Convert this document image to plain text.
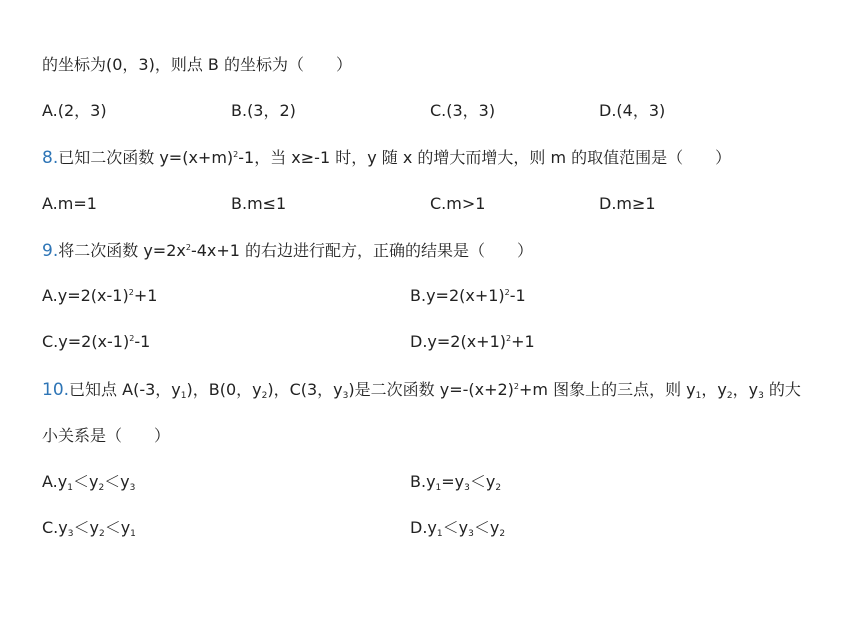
的坐标为(0，3)，则点 B 的坐标为（　　）
A.(2，3)	B.(3，2)	C.(3，3)	D.(4，3)
8.已知二次函数 $y=(x+m)^2-1$，当 x≥-1 时，y 随 x 的增大而增大，则 m 的取值范围是（　　）
A.m=1	B.m≤1	C.m>1	D.m≥1
9.将二次函数 $y=2x^2-4x+1$ 的右边进行配方，正确的结果是（　　）
$A.y=2(x-1)^2+1$	$B.y=2(x+1)^2-1$
$C.y=2(x-1)^2-1$	$D.y=2(x+1)^2+1$
10.已知点 A(-3，$y_1$)，B(0，$y_2$)，C(3，$y_3$)是二次函数 $y=-(x+2)^2+m$ 图象上的三点，则 $y_1$，$y_2$，$y_3$ 的大
小关系是（　　）
$A.y_1<y_2<y_3$	$B.y_1=y_3<y_2$
$C.y_3<y_2<y_1$	$D.y_1<y_3<y_2$
